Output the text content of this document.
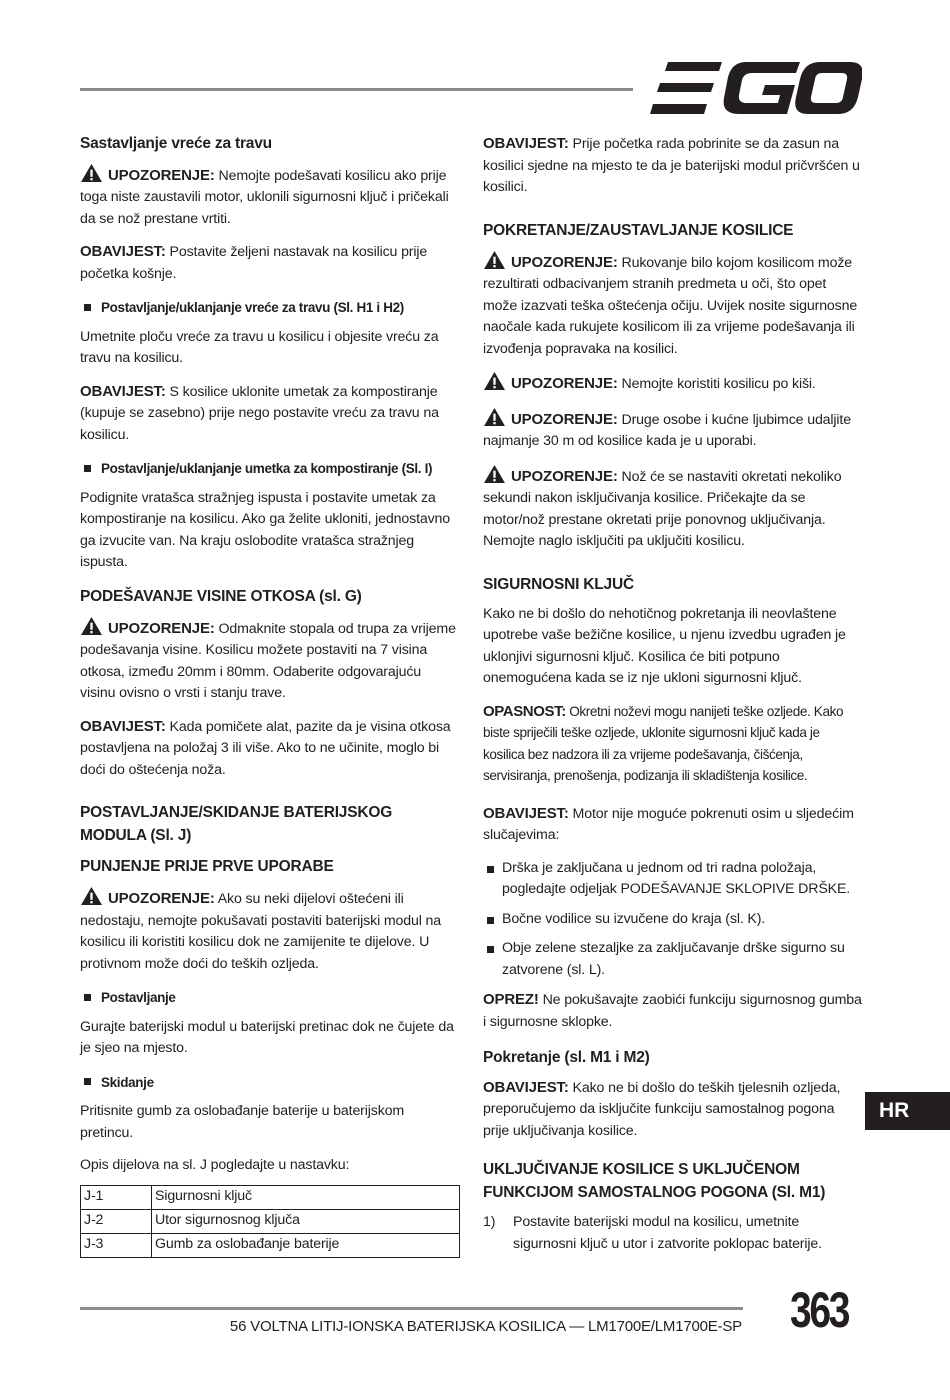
Sastavljanje vreće za travu

UPOZORENJE: Nemojte podešavati kosilicu ako prije toga niste zaustavili motor, uklonili sigurnosni ključ i pričekali da se nož prestane vrtiti.

OBAVIJEST: Postavite željeni nastavak na kosilicu prije početka košnje.

Postavljanje/uklanjanje vreće za travu (Sl. H1 i H2)

Umetnite ploču vreće za travu u kosilicu i objesite vreću za travu na kosilicu.

OBAVIJEST: S kosilice uklonite umetak za kompostiranje (kupuje se zasebno) prije nego postavite vreću za travu na kosilicu.

Postavljanje/uklanjanje umetka za kompostiranje (Sl. I)

Podignite vratašca stražnjeg ispusta i postavite umetak za kompostiranje na kosilicu. Ako ga želite ukloniti, jednostavno ga izvucite van. Na kraju oslobodite vratašca stražnjeg ispusta.

PODEŠAVANJE VISINE OTKOSA (sl. G)

UPOZORENJE: Odmaknite stopala od trupa za vrijeme podešavanja visine. Kosilicu možete postaviti na 7 visina otkosa, između 20mm i 80mm. Odaberite odgovarajuću visinu ovisno o vrsti i stanju trave.

OBAVIJEST: Kada pomičete alat, pazite da je visina otkosa postavljena na položaj 3 ili više. Ako to ne učinite, moglo bi doći do oštećenja noža.

POSTAVLJANJE/SKIDANJE BATERIJSKOG MODULA (Sl. J)
PUNJENJE PRIJE PRVE UPORABE

UPOZORENJE: Ako su neki dijelovi oštećeni ili nedostaju, nemojte pokušavati postaviti baterijski modul na kosilicu ili koristiti kosilicu dok ne zamijenite te dijelove. U protivnom može doći do teških ozljeda.

Postavljanje

Gurajte baterijski modul u baterijski pretinac dok ne čujete da je sjeo na mjesto.

Skidanje

Pritisnite gumb za oslobađanje baterije u baterijskom pretincu.

Opis dijelova na sl. J pogledajte u nastavku:

J-1	Sigurnosni ključ
J-2	Utor sigurnosnog ključa
J-3	Gumb za oslobađanje baterije

OBAVIJEST: Prije početka rada pobrinite se da zasun na kosilici sjedne na mjesto te da je baterijski modul pričvršćen u kosilici.

POKRETANJE/ZAUSTAVLJANJE KOSILICE

UPOZORENJE: Rukovanje bilo kojom kosilicom može rezultirati odbacivanjem stranih predmeta u oči, što opet može izazvati teška oštećenja očiju. Uvijek nosite sigurnosne naočale kada rukujete kosilicom ili za vrijeme podešavanja ili izvođenja popravaka na kosilici.

UPOZORENJE: Nemojte koristiti kosilicu po kiši.

UPOZORENJE: Druge osobe i kućne ljubimce udaljite najmanje 30 m od kosilice kada je u uporabi.

UPOZORENJE: Nož će se nastaviti okretati nekoliko sekundi nakon isključivanja kosilice. Pričekajte da se motor/nož prestane okretati prije ponovnog uključivanja. Nemojte naglo isključiti pa uključiti kosilicu.

SIGURNOSNI KLJUČ

Kako ne bi došlo do nehotičnog pokretanja ili neovlaštene upotrebe vaše bežične kosilice, u njenu izvedbu ugrađen je uklonjivi sigurnosni ključ. Kosilica će biti potpuno onemogućena kada se iz nje ukloni sigurnosni ključ.

OPASNOST: Okretni noževi mogu nanijeti teške ozljede. Kako biste spriječili teške ozljede, uklonite sigurnosni ključ kada je kosilica bez nadzora ili za vrijeme podešavanja, čišćenja, servisiranja, prenošenja, podizanja ili skladištenja kosilice.

OBAVIJEST: Motor nije moguće pokrenuti osim u sljedećim slučajevima:

Drška je zaključana u jednom od tri radna položaja, pogledajte odjeljak PODEŠAVANJE SKLOPIVE DRŠKE.
Bočne vodilice su izvučene do kraja (sl. K).
Obje zelene stezaljke za zaključavanje drške sigurno su zatvorene (sl. L).

OPREZ! Ne pokušavajte zaobići funkciju sigurnosnog gumba i sigurnosne sklopke.

Pokretanje (sl. M1 i M2)

OBAVIJEST: Kako ne bi došlo do teških tjelesnih ozljeda, preporučujemo da isključite funkciju samostalnog pogona prije uključivanja kosilice.

UKLJUČIVANJE KOSILICE S UKLJUČENOM FUNKCIJOM SAMOSTALNOG POGONA (Sl. M1)
1) Postavite baterijski modul na kosilicu, umetnite sigurnosni ključ u utor i zatvorite poklopac baterije.
HR
56 VOLTNA LITIJ-IONSKA BATERIJSKA KOSILICA — LM1700E/LM1700E-SP 363
